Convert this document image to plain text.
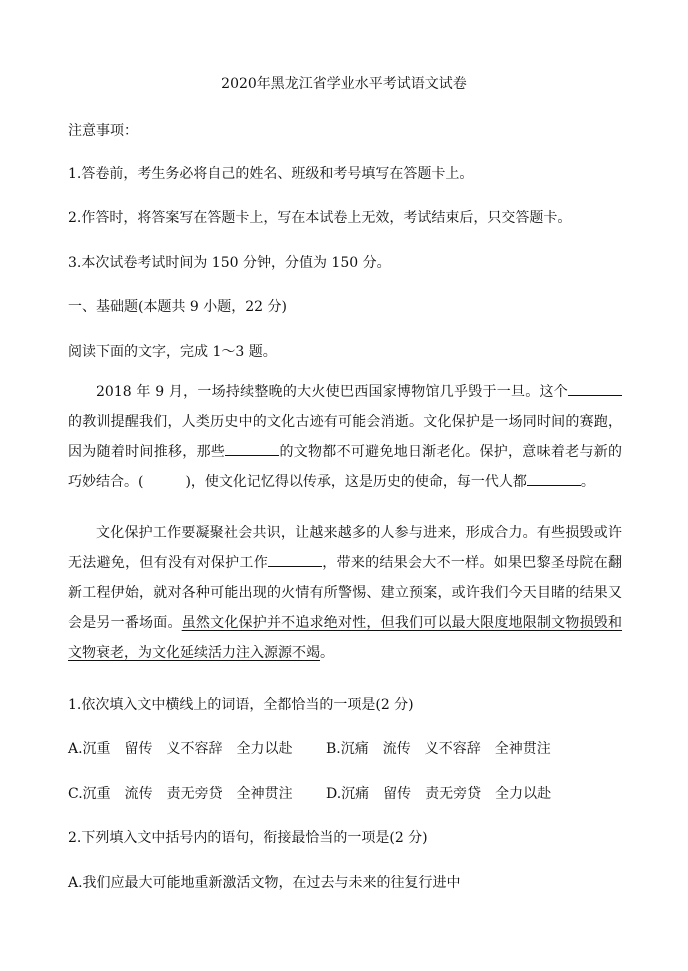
2020年黑龙江省学业水平考试语文试卷
注意事项：
1.答卷前，考生务必将自己的姓名、班级和考号填写在答题卡上。
2.作答时，将答案写在答题卡上，写在本试卷上无效，考试结束后，只交答题卡。
3.本次试卷考试时间为 150 分钟，分值为 150 分。
一、基础题(本题共 9 小题，22 分)
阅读下面的文字，完成 1～3 题。
2018 年 9 月，一场持续整晚的大火使巴西国家博物馆几乎毁于一旦。这个的教训提醒我们，人类历史中的文化古迹有可能会消逝。文化保护是一场同时间的赛跑，因为随着时间推移，那些	的文物都不可避免地日渐老化。保护，意味着老与新的巧妙结合。(　　　)，使文化记忆得以传承，这是历史的使命，每一代人都	。
文化保护工作要凝聚社会共识，让越来越多的人参与进来，形成合力。有些损毁或许无法避免，但有没有对保护工作	，带来的结果会大不一样。如果巴黎圣母院在翻新工程伊始，就对各种可能出现的火情有所警惕、建立预案，或许我们今天目睹的结果又会是另一番场面。虽然文化保护并不追求绝对性，但我们可以最大限度地限制文物损毁和文物衰老，为文化延续活力注入源源不竭。
1.依次填入文中横线上的词语，全都恰当的一项是(2 分)
A.沉重　留传　义不容辞　全力以赴 B.沉痛　流传　义不容辞　全神贯注
C.沉重　流传　责无旁贷　全神贯注 D.沉痛　留传　责无旁贷　全力以赴
2.下列填入文中括号内的语句，衔接最恰当的一项是(2 分)
A.我们应最大可能地重新激活文物，在过去与未来的往复行进中
